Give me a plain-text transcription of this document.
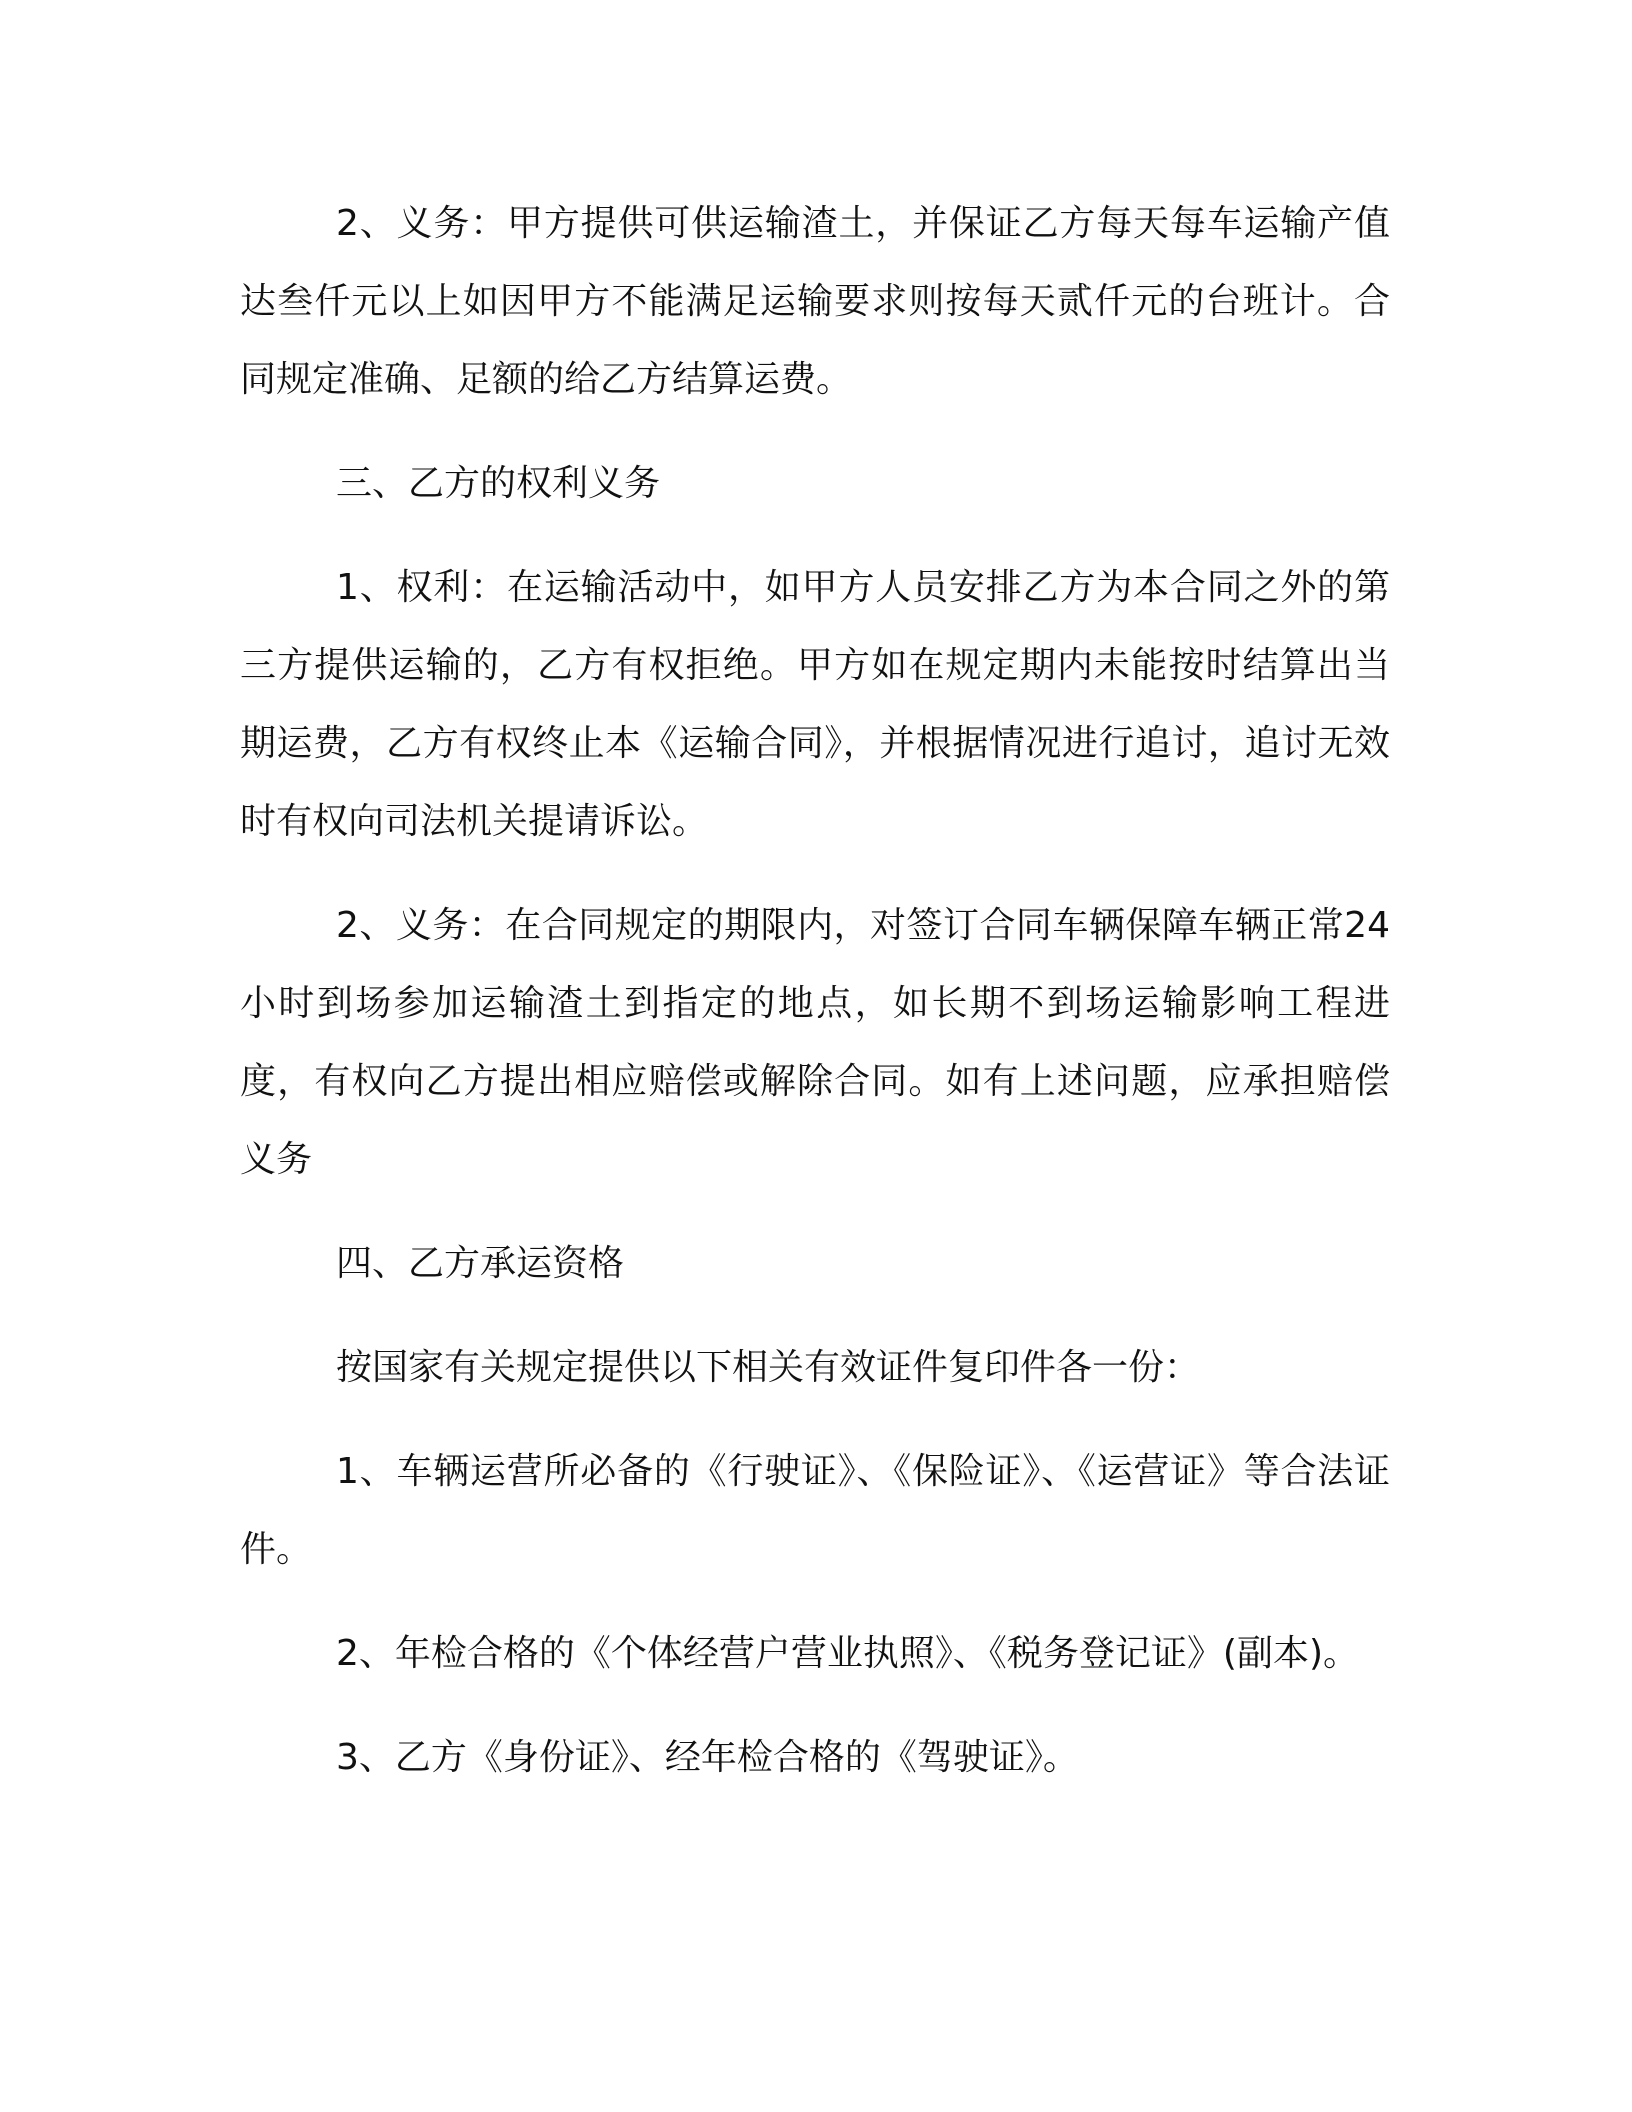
2、义务：甲方提供可供运输渣土，并保证乙方每天每车运输产值达叁仟元以上如因甲方不能满足运输要求则按每天贰仟元的台班计。合同规定准确、足额的给乙方结算运费。

三、乙方的权利义务

1、权利：在运输活动中，如甲方人员安排乙方为本合同之外的第三方提供运输的，乙方有权拒绝。甲方如在规定期内未能按时结算出当期运费，乙方有权终止本《运输合同》，并根据情况进行追讨，追讨无效时有权向司法机关提请诉讼。

2、义务：在合同规定的期限内，对签订合同车辆保障车辆正常24小时到场参加运输渣土到指定的地点，如长期不到场运输影响工程进度，有权向乙方提出相应赔偿或解除合同。如有上述问题，应承担赔偿义务

四、乙方承运资格

按国家有关规定提供以下相关有效证件复印件各一份：

1、车辆运营所必备的《行驶证》、《保险证》、《运营证》等合法证件。

2、年检合格的《个体经营户营业执照》、《税务登记证》(副本)。

3、乙方《身份证》、经年检合格的《驾驶证》。
